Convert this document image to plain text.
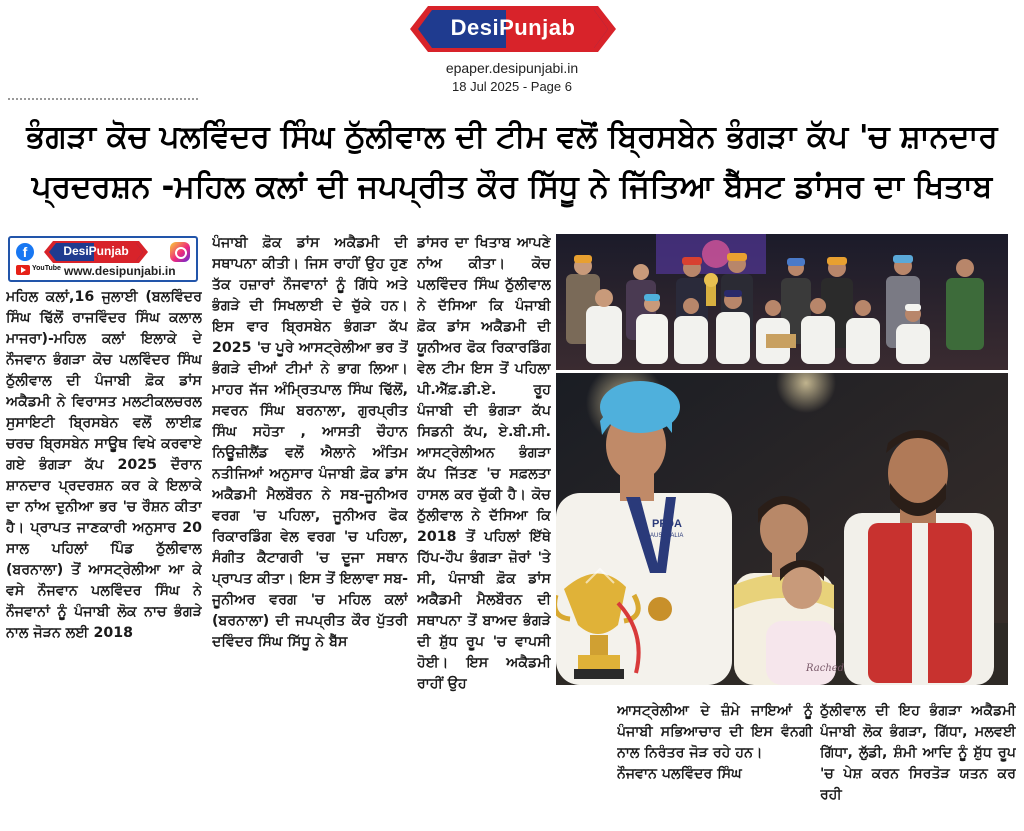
DesiPunjab
epaper.desipunjabi.in
18 Jul 2025 - Page 6
ਭੰਗੜਾ ਕੋਚ ਪਲਵਿੰਦਰ ਸਿੰਘ ਠੁੱਲੀਵਾਲ ਦੀ ਟੀਮ ਵਲੋਂ ਬ੍ਰਿਸਬੇਨ ਭੰਗੜਾ ਕੱਪ 'ਚ ਸ਼ਾਨਦਾਰ
ਪ੍ਰਦਰਸ਼ਨ -ਮਹਿਲ ਕਲਾਂ ਦੀ ਜਪਪ੍ਰੀਤ ਕੌਰ ਸਿੱਧੂ ਨੇ ਜਿੱਤਿਆ ਬੈੱਸਟ ਡਾਂਸਰ ਦਾ ਖਿਤਾਬ
f
YouTube
DesiPunjab
www.desipunjabi.in

ਮਹਿਲ ਕਲਾਂ,16 ਜੁਲਾਈ (ਬਲਵਿੰਦਰ ਸਿੰਘ ਢਿੱਲੋਂ ਰਾਜਵਿੰਦਰ ਸਿੰਘ ਕਲਾਲ ਮਾਜਰਾ)-ਮਹਿਲ ਕਲਾਂ ਇਲਾਕੇ ਦੇ ਨੌਜਵਾਨ ਭੰਗੜਾ ਕੋਚ ਪਲਵਿੰਦਰ ਸਿੰਘ ਠੁੱਲੀਵਾਲ ਦੀ ਪੰਜਾਬੀ ਫ਼ੋਕ ਡਾਂਸ ਅਕੈਡਮੀ ਨੇ ਵਿਰਾਸਤ ਮਲਟੀਕਲਚਰਲ ਸੁਸਾਇਟੀ ਬ੍ਰਿਸਬੇਨ ਵਲੋਂ ਲਾਈਫ਼ ਚਰਚ ਬ੍ਰਿਸਬੇਨ ਸਾਊਥ ਵਿਖੇ ਕਰਵਾਏ ਗਏ ਭੰਗੜਾ ਕੱਪ 2025 ਦੌਰਾਨ ਸ਼ਾਨਦਾਰ ਪ੍ਰਦਰਸ਼ਨ ਕਰ ਕੇ ਇਲਾਕੇ ਦਾ ਨਾਂਅ ਦੁਨੀਆ ਭਰ 'ਚ ਰੌਸ਼ਨ ਕੀਤਾ ਹੈ। ਪ੍ਰਾਪਤ ਜਾਣਕਾਰੀ ਅਨੁਸਾਰ 20 ਸਾਲ ਪਹਿਲਾਂ ਪਿੰਡ ਠੁੱਲੀਵਾਲ (ਬਰਨਾਲਾ) ਤੋਂ ਆਸਟ੍ਰੇਲੀਆ ਆ ਕੇ ਵਸੇ ਨੌਜਵਾਨ ਪਲਵਿੰਦਰ ਸਿੰਘ ਨੇ ਨੌਜਵਾਨਾਂ ਨੂੰ ਪੰਜਾਬੀ ਲੋਕ ਨਾਚ ਭੰਗੜੇ ਨਾਲ ਜੋੜਨ ਲਈ 2018

ਪੰਜਾਬੀ ਫ਼ੋਕ ਡਾਂਸ ਅਕੈਡਮੀ ਦੀ ਸਥਾਪਨਾ ਕੀਤੀ। ਜਿਸ ਰਾਹੀਂ ਉਹ ਹੁਣ ਤੱਕ ਹਜ਼ਾਰਾਂ ਨੌਜਵਾਨਾਂ ਨੂੰ ਗਿੱਧੇ ਅਤੇ ਭੰਗੜੇ ਦੀ ਸਿਖਲਾਈ ਦੇ ਚੁੱਕੇ ਹਨ। ਇਸ ਵਾਰ ਬ੍ਰਿਸਬੇਨ ਭੰਗੜਾ ਕੱਪ 2025 'ਚ ਪੂਰੇ ਆਸਟ੍ਰੇਲੀਆ ਭਰ ਤੋਂ ਭੰਗੜੇ ਦੀਆਂ ਟੀਮਾਂ ਨੇ ਭਾਗ ਲਿਆ। ਮਾਹਰ ਜੱਜ ਅੰਮ੍ਰਿਤਪਾਲ ਸਿੰਘ ਢਿੱਲੋਂ, ਸਵਰਨ ਸਿੰਘ ਬਰਨਾਲਾ, ਗੁਰਪ੍ਰੀਤ ਸਿੰਘ ਸਹੋਤਾ , ਆਸਤੀ ਚੌਹਾਨ ਨਿਊਜ਼ੀਲੈਂਡ ਵਲੋਂ ਐਲਾਨੇ ਅੰਤਿਮ ਨਤੀਜਿਆਂ ਅਨੁਸਾਰ ਪੰਜਾਬੀ ਫ਼ੋਕ ਡਾਂਸ ਅਕੈਡਮੀ ਮੈਲਬੌਰਨ ਨੇ ਸਬ-ਜੂਨੀਅਰ ਵਰਗ 'ਚ ਪਹਿਲਾ, ਜੂਨੀਅਰ ਫੋਕ ਰਿਕਾਰਡਿੰਗ ਵੇਲ ਵਰਗ 'ਚ ਪਹਿਲਾ, ਸੰਗੀਤ ਕੈਟਾਗਰੀ 'ਚ ਦੂਜਾ ਸਥਾਨ ਪ੍ਰਾਪਤ ਕੀਤਾ। ਇਸ ਤੋਂ ਇਲਾਵਾ ਸਬ-ਜੂਨੀਅਰ ਵਰਗ 'ਚ ਮਹਿਲ ਕਲਾਂ (ਬਰਨਾਲਾ) ਦੀ ਜਪਪ੍ਰੀਤ ਕੌਰ ਪੁੱਤਰੀ ਦਵਿੰਦਰ ਸਿੰਘ ਸਿੱਧੂ ਨੇ ਬੈੱਸ

ਡਾਂਸਰ ਦਾ ਖਿਤਾਬ ਆਪਣੇ ਨਾਂਅ ਕੀਤਾ। ਕੋਚ ਪਲਵਿੰਦਰ ਸਿੰਘ ਠੁੱਲੀਵਾਲ ਨੇ ਦੱਸਿਆ ਕਿ ਪੰਜਾਬੀ ਫ਼ੋਕ ਡਾਂਸ ਅਕੈਡਮੀ ਦੀ ਯੂਨੀਅਰ ਫੋਕ ਰਿਕਾਰਡਿੰਗ ਵੇਲ ਟੀਮ ਇਸ ਤੋਂ ਪਹਿਲਾ ਪੀ.ਐੱਫ਼.ਡੀ.ਏ. ਰੂਹ ਪੰਜਾਬੀ ਦੀ ਭੰਗੜਾ ਕੱਪ ਸਿਡਨੀ ਕੱਪ, ਏ.ਬੀ.ਸੀ. ਆਸਟ੍ਰੇਲੀਅਨ ਭੰਗੜਾ ਕੱਪ ਜਿੱਤਣ 'ਚ ਸਫ਼ਲਤਾ ਹਾਸਲ ਕਰ ਚੁੱਕੀ ਹੈ। ਕੋਚ ਠੁੱਲੀਵਾਲ ਨੇ ਦੱਸਿਆ ਕਿ 2018 ਤੋਂ ਪਹਿਲਾਂ ਇੱਥੇ ਹਿੱਪ-ਹੌਪ ਭੰਗੜਾ ਜ਼ੋਰਾਂ 'ਤੇ ਸੀ, ਪੰਜਾਬੀ ਫ਼ੋਕ ਡਾਂਸ ਅਕੈਡਮੀ ਮੈਲਬੌਰਨ ਦੀ ਸਥਾਪਨਾ ਤੋਂ ਬਾਅਦ ਭੰਗੜੇ ਦੀ ਸ਼ੁੱਧ ਰੂਪ 'ਚ ਵਾਪਸੀ ਹੋਈ। ਇਸ ਅਕੈਡਮੀ ਰਾਹੀਂ ਉਹ

ਆਸਟ੍ਰੇਲੀਆ ਦੇ ਜ਼ੰਮੇ ਜਾਇਆਂ ਨੂੰ ਪੰਜਾਬੀ ਸਭਿਆਚਾਰ ਦੀ ਇਸ ਵੰਨਗੀ ਨਾਲ ਨਿਰੰਤਰ ਜੋੜ ਰਹੇ ਹਨ।

ਨੌਜਵਾਨ ਪਲਵਿੰਦਰ ਸਿੰਘ

ਠੁੱਲੀਵਾਲ ਦੀ ਇਹ ਭੰਗੜਾ ਅਕੈਡਮੀ ਪੰਜਾਬੀ ਲੋਕ ਭੰਗੜਾ, ਗਿੱਧਾ, ਮਲਵਈ ਗਿੱਧਾ, ਲੁੱਡੀ, ਸ਼ੰਮੀ ਆਦਿ ਨੂੰ ਸ਼ੁੱਧ ਰੂਪ 'ਚ ਪੇਸ਼ ਕਰਨ ਸਿਰਤੋੜ ਯਤਨ ਕਰ ਰਹੀ

Rached
PFDA
AUSTRALIA
